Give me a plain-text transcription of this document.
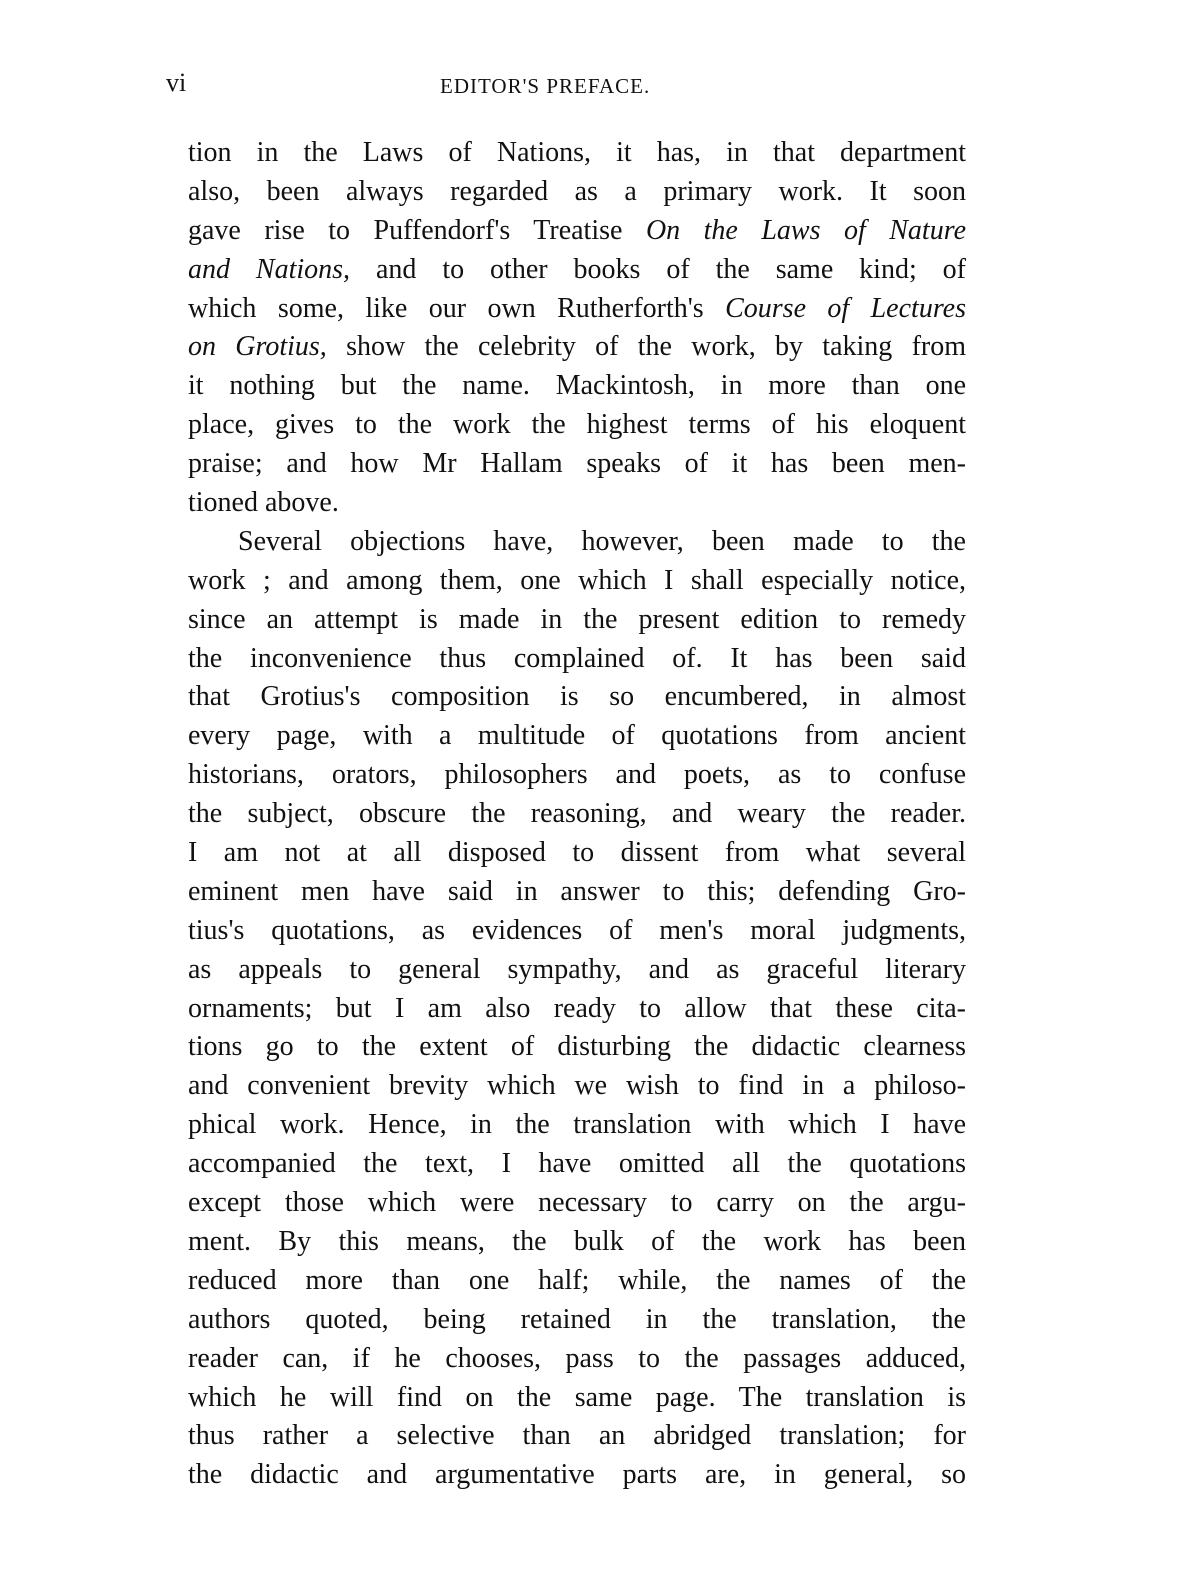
vi	EDITOR'S PREFACE.
tion in the Laws of Nations, it has, in that department
also, been always regarded as a primary work. It soon
gave rise to Puffendorf's Treatise On the Laws of Nature
and Nations, and to other books of the same kind; of
which some, like our own Rutherforth's Course of Lectures
on Grotius, show the celebrity of the work, by taking from
it nothing but the name. Mackintosh, in more than one
place, gives to the work the highest terms of his eloquent
praise; and how Mr Hallam speaks of it has been men-
tioned above.
Several objections have, however, been made to the
work ; and among them, one which I shall especially notice,
since an attempt is made in the present edition to remedy
the inconvenience thus complained of. It has been said
that Grotius's composition is so encumbered, in almost
every page, with a multitude of quotations from ancient
historians, orators, philosophers and poets, as to confuse
the subject, obscure the reasoning, and weary the reader.
I am not at all disposed to dissent from what several
eminent men have said in answer to this; defending Gro-
tius's quotations, as evidences of men's moral judgments,
as appeals to general sympathy, and as graceful literary
ornaments; but I am also ready to allow that these cita-
tions go to the extent of disturbing the didactic clearness
and convenient brevity which we wish to find in a philoso-
phical work. Hence, in the translation with which I have
accompanied the text, I have omitted all the quotations
except those which were necessary to carry on the argu-
ment. By this means, the bulk of the work has been
reduced more than one half; while, the names of the
authors quoted, being retained in the translation, the
reader can, if he chooses, pass to the passages adduced,
which he will find on the same page. The translation is
thus rather a selective than an abridged translation; for
the didactic and argumentative parts are, in general, so
